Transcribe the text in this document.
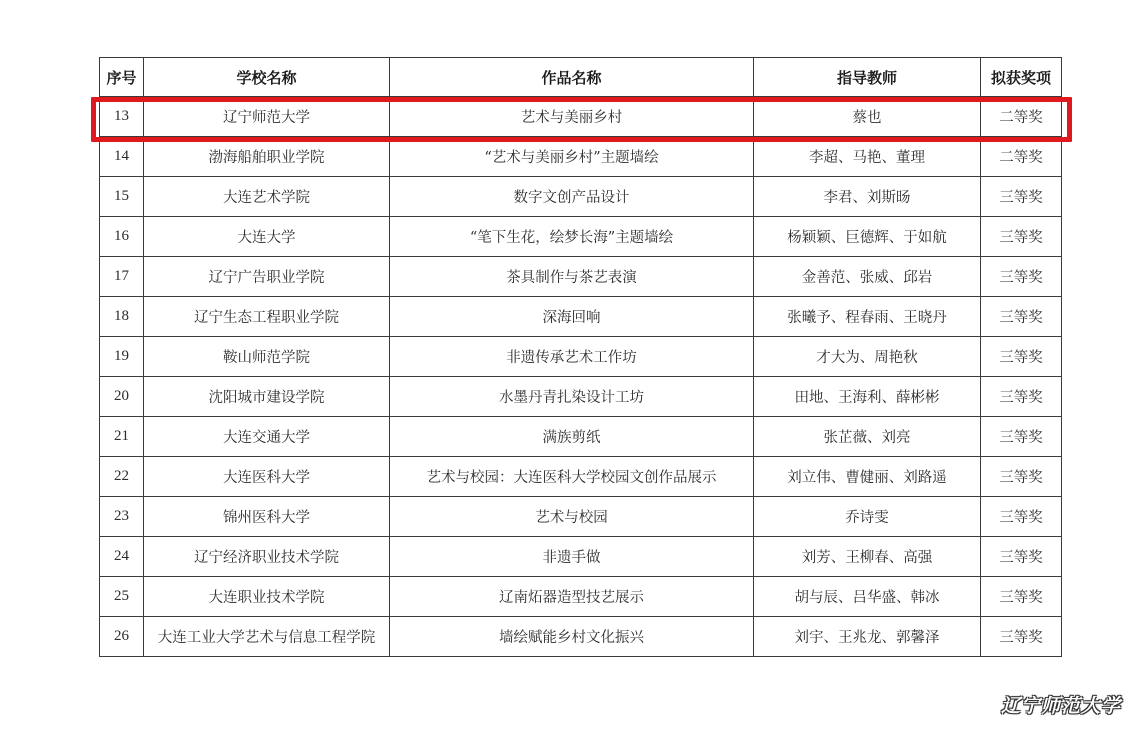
序号	学校名称	作品名称	指导教师	拟获奖项
13	辽宁师范大学	艺术与美丽乡村	蔡也	二等奖
14	渤海船舶职业学院	“艺术与美丽乡村”主题墙绘	李超、马艳、董理	二等奖
15	大连艺术学院	数字文创产品设计	李君、刘斯旸	三等奖
16	大连大学	“笔下生花，绘梦长海”主题墙绘	杨颖颖、巨德辉、于如航	三等奖
17	辽宁广告职业学院	茶具制作与茶艺表演	金善范、张威、邱岩	三等奖
18	辽宁生态工程职业学院	深海回响	张曦予、程春雨、王晓丹	三等奖
19	鞍山师范学院	非遗传承艺术工作坊	才大为、周艳秋	三等奖
20	沈阳城市建设学院	水墨丹青扎染设计工坊	田地、王海利、薛彬彬	三等奖
21	大连交通大学	满族剪纸	张芷薇、刘亮	三等奖
22	大连医科大学	艺术与校园：大连医科大学校园文创作品展示	刘立伟、曹健丽、刘路遥	三等奖
23	锦州医科大学	艺术与校园	乔诗雯	三等奖
24	辽宁经济职业技术学院	非遗手做	刘芳、王柳春、高强	三等奖
25	大连职业技术学院	辽南炻器造型技艺展示	胡与辰、吕华盛、韩冰	三等奖
26	大连工业大学艺术与信息工程学院	墙绘赋能乡村文化振兴	刘宇、王兆龙、郭馨泽	三等奖
辽宁师范大学
